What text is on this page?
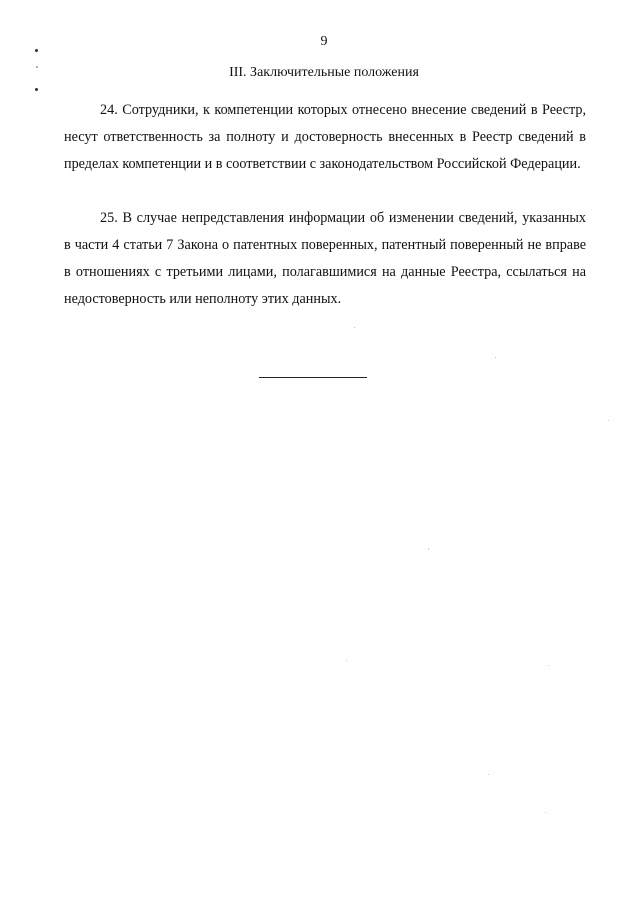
9
III. Заключительные положения

24. Сотрудники, к компетенции которых отнесено внесение сведений в Реестр, несут ответственность за полноту и достоверность внесенных в Реестр сведений в пределах компетенции и в соответствии с законодательством Российской Федерации.

25. В случае непредставления информации об изменении сведений, указанных в части 4 статьи 7 Закона о патентных поверенных, патентный поверенный не вправе в отношениях с третьими лицами, полагавшимися на данные Реестра, ссылаться на недостоверность или неполноту этих данных.
